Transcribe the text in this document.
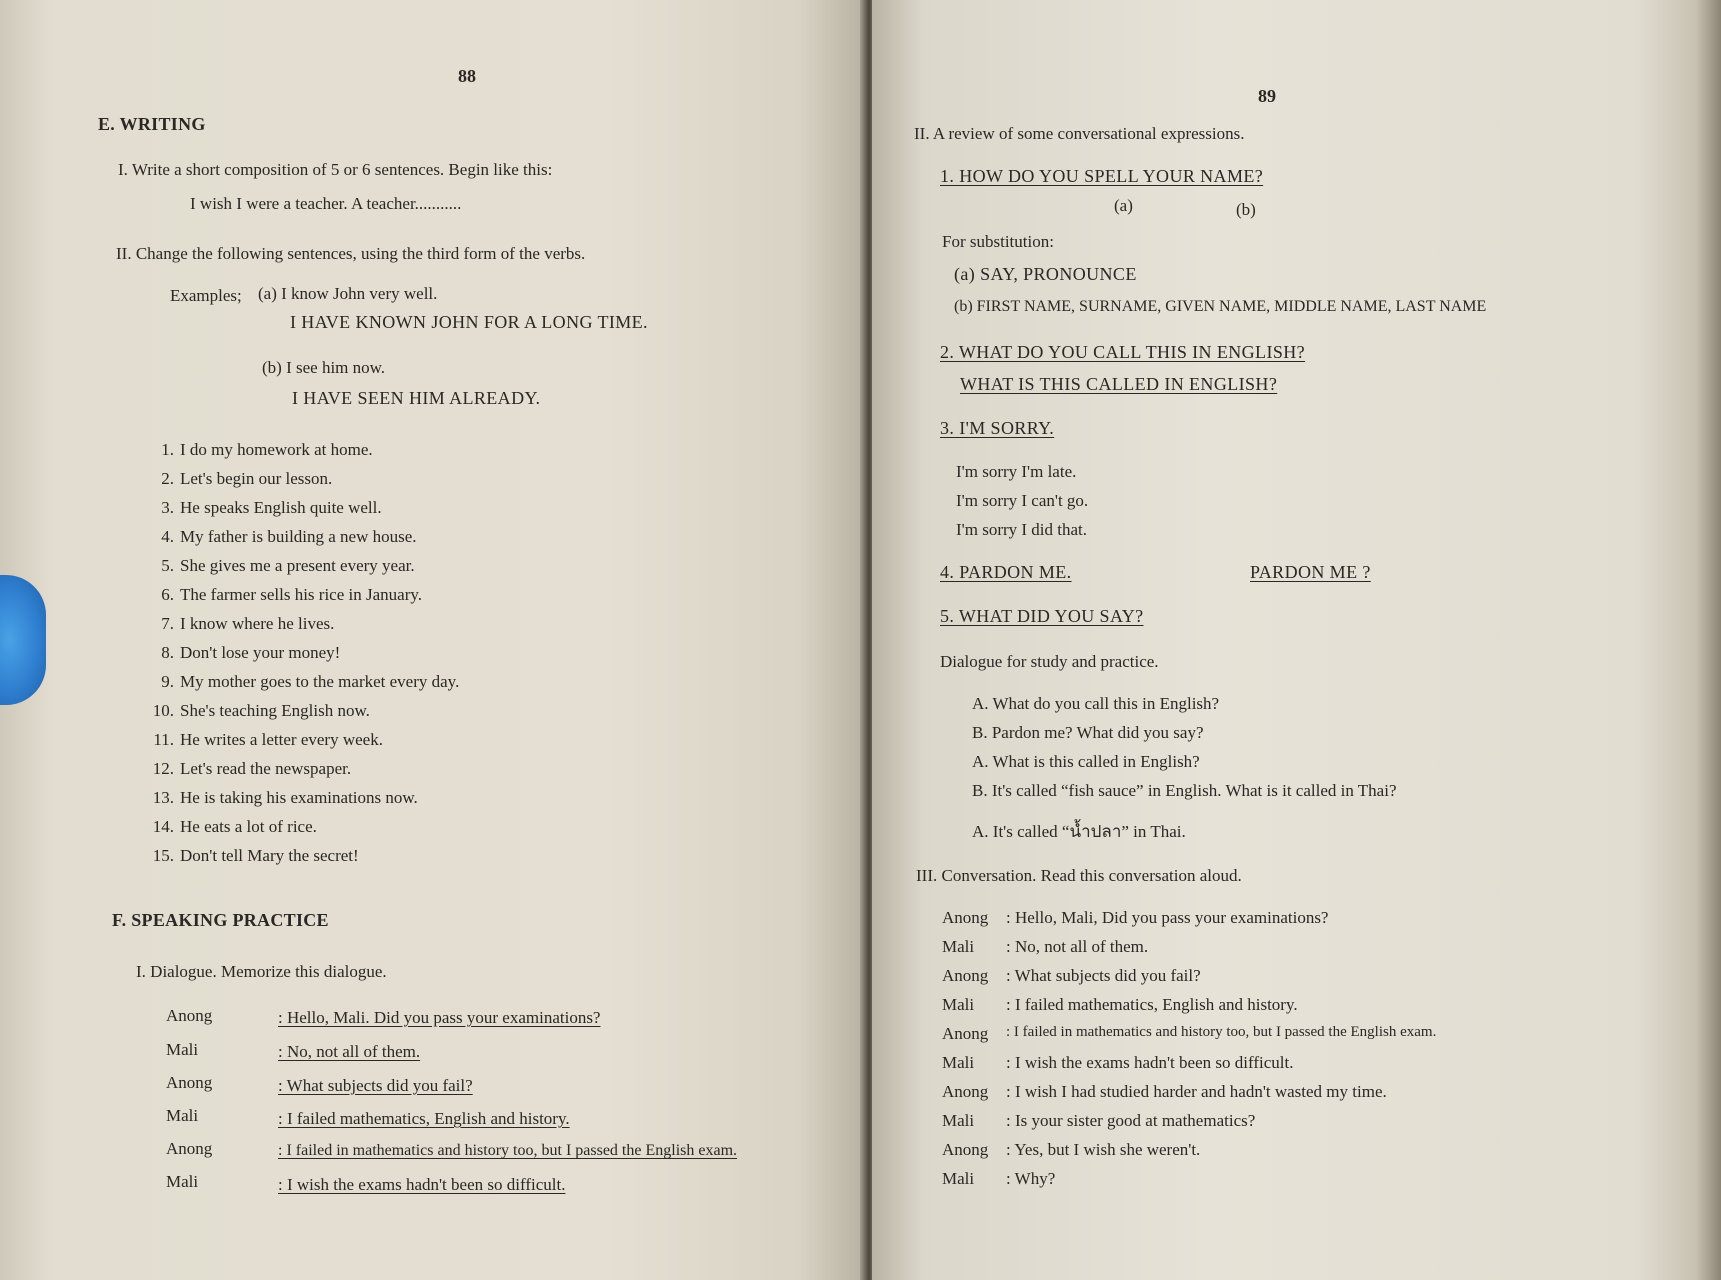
88
E. WRITING
I. Write a short composition of 5 or 6 sentences. Begin like this:
I wish I were a teacher. A teacher...........
II. Change the following sentences, using the third form of the verbs.
Examples; (a) I know John very well.
I HAVE KNOWN JOHN FOR A LONG TIME.
(b) I see him now.
I HAVE SEEN HIM ALREADY.
1. I do my homework at home.
2. Let's begin our lesson.
3. He speaks English quite well.
4. My father is building a new house.
5. She gives me a present every year.
6. The farmer sells his rice in January.
7. I know where he lives.
8. Don't lose your money!
9. My mother goes to the market every day.
10. She's teaching English now.
11. He writes a letter every week.
12. Let's read the newspaper.
13. He is taking his examinations now.
14. He eats a lot of rice.
15. Don't tell Mary the secret!
F. SPEAKING PRACTICE
I. Dialogue. Memorize this dialogue.
Anong	: Hello, Mali. Did you pass your examinations?
Mali	: No, not all of them.
Anong	: What subjects did you fail?
Mali	: I failed mathematics, English and history.
Anong	: I failed in mathematics and history too, but I passed the English exam.
Mali	: I wish the exams hadn't been so difficult.
89
II. A review of some conversational expressions.
1. HOW DO YOU SPELL YOUR NAME?
(a)	(b)
For substitution:
(a) SAY, PRONOUNCE
(b) FIRST NAME, SURNAME, GIVEN NAME, MIDDLE NAME, LAST NAME
2. WHAT DO YOU CALL THIS IN ENGLISH?
WHAT IS THIS CALLED IN ENGLISH?
3. I'M SORRY.
I'm sorry I'm late.
I'm sorry I can't go.
I'm sorry I did that.
4. PARDON ME.	PARDON ME ?
5. WHAT DID YOU SAY?
Dialogue for study and practice.
A. What do you call this in English?
B. Pardon me? What did you say?
A. What is this called in English?
B. It's called “fish sauce” in English. What is it called in Thai?
A. It's called “น้ำปลา” in Thai.
III. Conversation. Read this conversation aloud.
Anong : Hello, Mali, Did you pass your examinations?
Mali : No, not all of them.
Anong : What subjects did you fail?
Mali : I failed mathematics, English and history.
Anong : I failed in mathematics and history too, but I passed the English exam.
Mali : I wish the exams hadn't been so difficult.
Anong : I wish I had studied harder and hadn't wasted my time.
Mali : Is your sister good at mathematics?
Anong : Yes, but I wish she weren't.
Mali : Why?
